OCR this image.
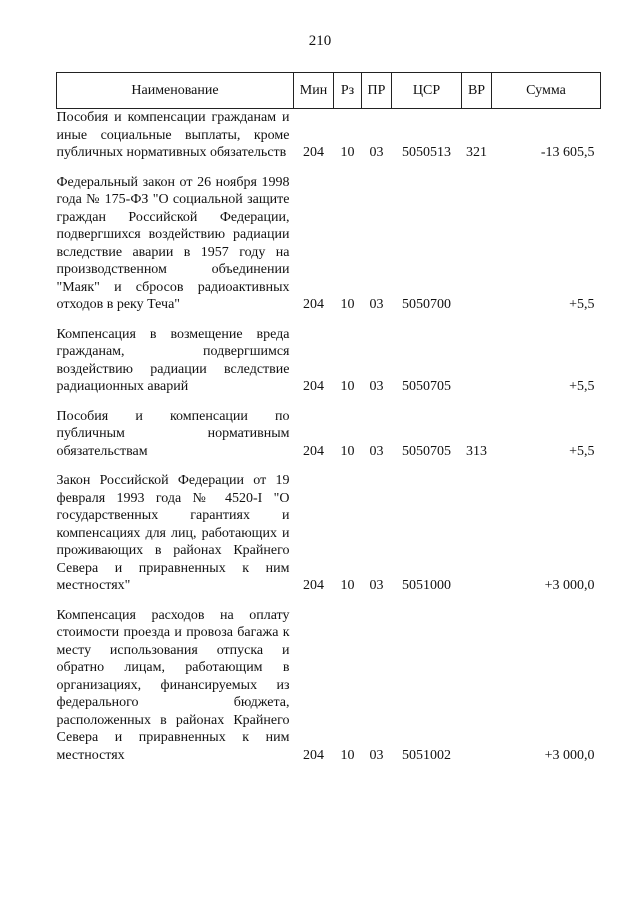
210
Наименование	Мин	Рз	ПР	ЦСР	ВР	Сумма
Пособия и компенсации гражданам и иные социальные выплаты, кроме публичных нормативных обязательств	204	10	03	5050513	321	-13 605,5
Федеральный закон от 26 ноября 1998 года № 175-ФЗ "О социальной защите граждан Российской Федерации, подвергшихся воздействию радиации вследствие аварии в 1957 году на производственном объединении "Маяк" и сбросов радиоактивных отходов в реку Теча"	204	10	03	5050700		+5,5
Компенсация в возмещение вреда гражданам, подвергшимся воздействию радиации вследствие радиационных аварий	204	10	03	5050705		+5,5
Пособия и компенсации по публичным нормативным обязательствам	204	10	03	5050705	313	+5,5
Закон Российской Федерации от 19 февраля 1993 года № 4520-I "О государственных гарантиях и компенсациях для лиц, работающих и проживающих в районах Крайнего Севера и приравненных к ним местностях"	204	10	03	5051000		+3 000,0
Компенсация расходов на оплату стоимости проезда и провоза багажа к месту использования отпуска и обратно лицам, работающим в организациях, финансируемых из федерального бюджета, расположенных в районах Крайнего Севера и приравненных к ним местностях	204	10	03	5051002		+3 000,0
